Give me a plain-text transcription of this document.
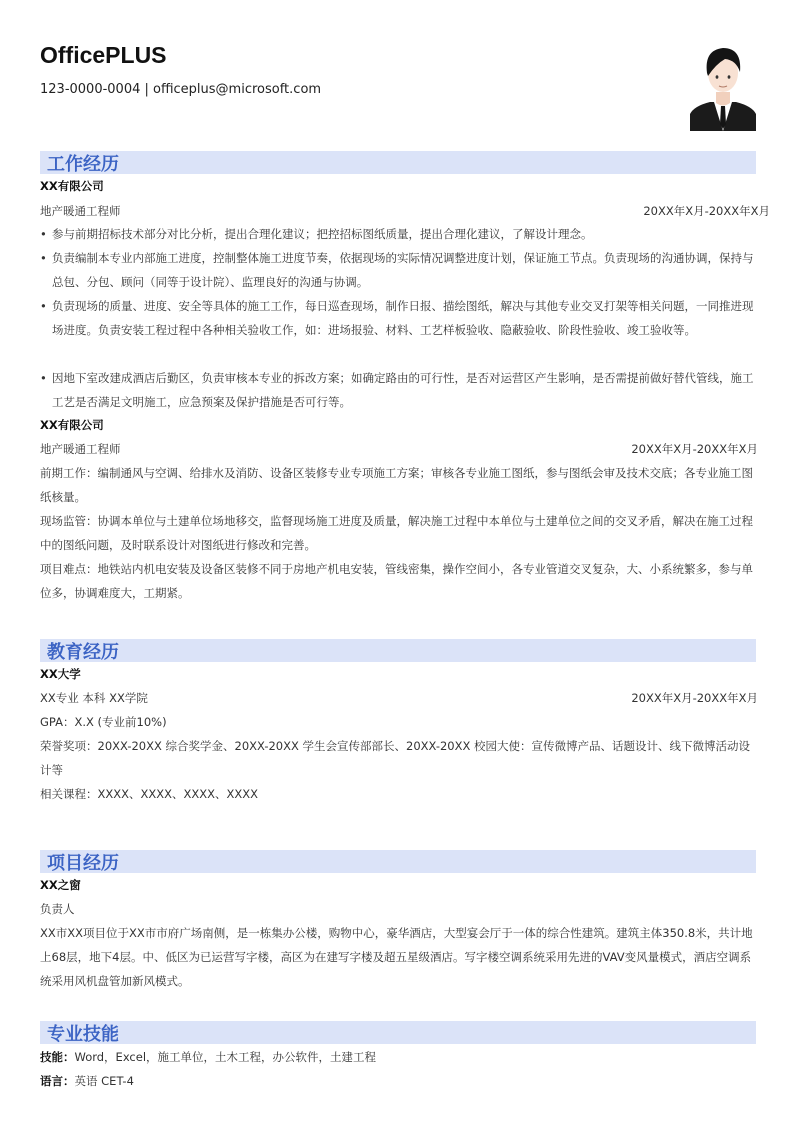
OfficePLUS
123-0000-0004 | officeplus@microsoft.com
工作经历
XX有限公司
地产暖通工程师	20XX年X月-20XX年X月
• 参与前期招标技术部分对比分析，提出合理化建议；把控招标图纸质量，提出合理化建议，了解设计理念。
• 负责编制本专业内部施工进度，控制整体施工进度节奏，依据现场的实际情况调整进度计划，保证施工节点。负责现场的沟通协调，保持与总包、分包、顾问（同等于设计院）、监理良好的沟通与协调。
• 负责现场的质量、进度、安全等具体的施工工作，每日巡查现场，制作日报、描绘图纸，解决与其他专业交叉打架等相关问题，一同推进现场进度。负责安装工程过程中各种相关验收工作，如：进场报验、材料、工艺样板验收、隐蔽验收、阶段性验收、竣工验收等。
• 因地下室改建成酒店后勤区，负责审核本专业的拆改方案；如确定路由的可行性，是否对运营区产生影响，是否需提前做好替代管线，施工工艺是否满足文明施工，应急预案及保护措施是否可行等。
XX有限公司
地产暖通工程师	20XX年X月-20XX年X月
前期工作：编制通风与空调、给排水及消防、设备区装修专业专项施工方案；审核各专业施工图纸，参与图纸会审及技术交底；各专业施工图纸核量。
现场监管：协调本单位与土建单位场地移交，监督现场施工进度及质量，解决施工过程中本单位与土建单位之间的交叉矛盾，解决在施工过程中的图纸问题，及时联系设计对图纸进行修改和完善。
项目难点：地铁站内机电安装及设备区装修不同于房地产机电安装，管线密集，操作空间小，各专业管道交叉复杂，大、小系统繁多，参与单位多，协调难度大，工期紧。
教育经历
XX大学
XX专业 本科 XX学院	20XX年X月-20XX年X月
GPA：X.X (专业前10%)
荣誉奖项：20XX-20XX 综合奖学金、20XX-20XX 学生会宣传部部长、20XX-20XX 校园大使：宣传微博产品、话题设计、线下微博活动设计等
相关课程：XXXX、XXXX、XXXX、XXXX
项目经历
XX之窗
负责人
XX市XX项目位于XX市市府广场南侧，是一栋集办公楼，购物中心，豪华酒店，大型宴会厅于一体的综合性建筑。建筑主体350.8米，共计地上68层，地下4层。中、低区为已运营写字楼，高区为在建写字楼及超五星级酒店。写字楼空调系统采用先进的VAV变风量模式，酒店空调系统采用风机盘管加新风模式。
专业技能
技能：Word，Excel，施工单位，土木工程，办公软件，土建工程
语言：英语 CET-4
